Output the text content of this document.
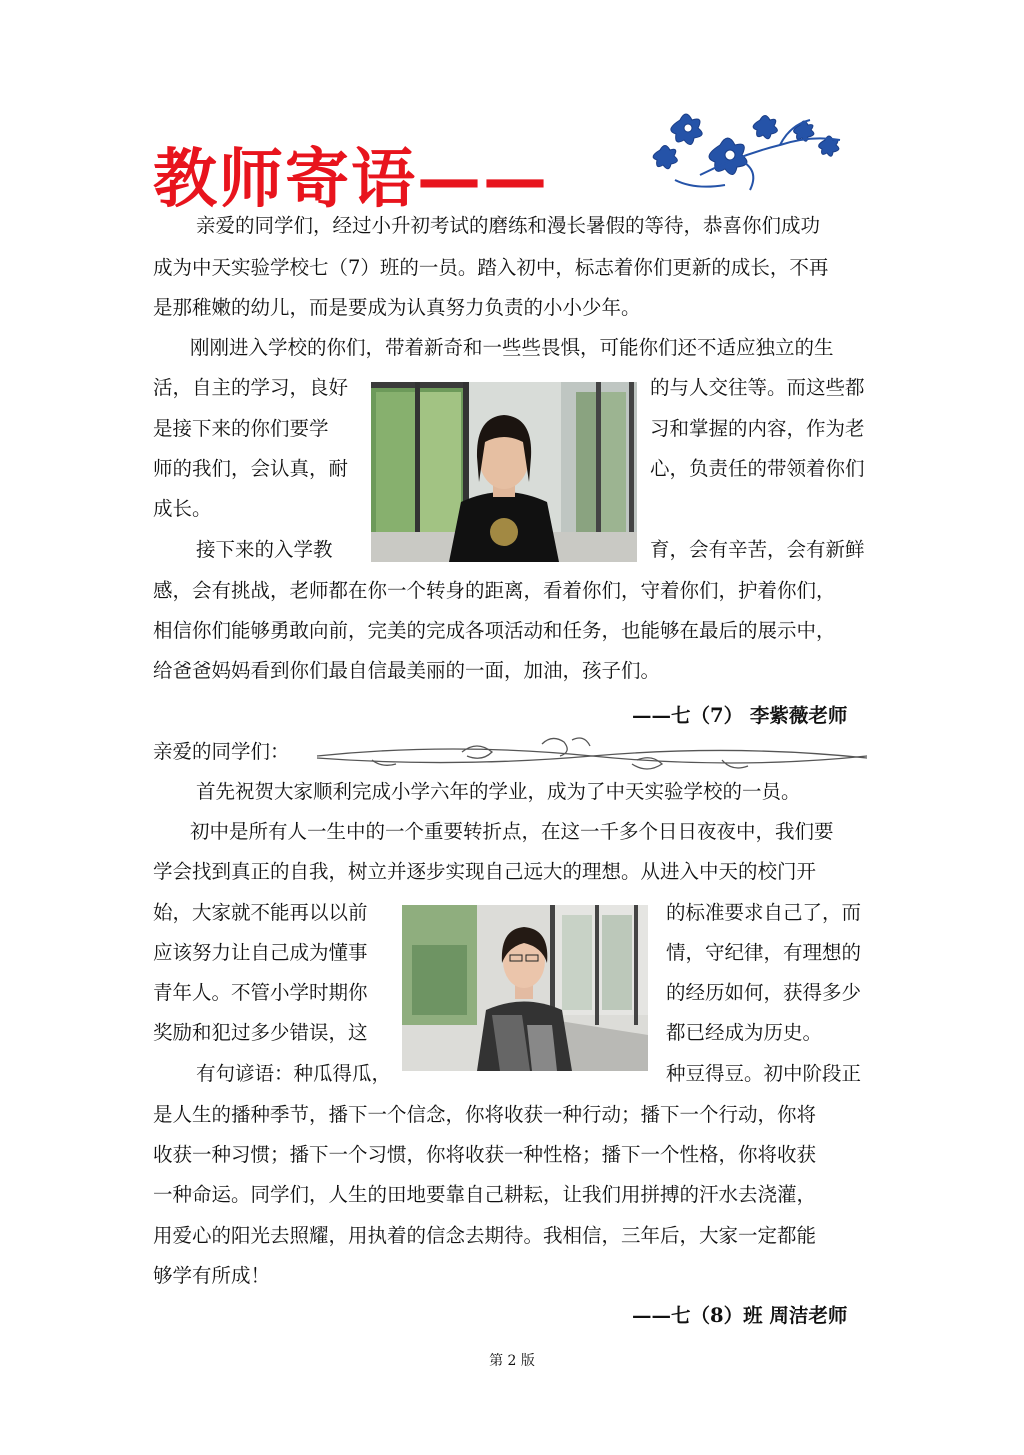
教师寄语——
亲爱的同学们，经过小升初考试的磨练和漫长暑假的等待，恭喜你们成功
成为中天实验学校七（7）班的一员。踏入初中，标志着你们更新的成长，不再
是那稚嫩的幼儿，而是要成为认真努力负责的小小少年。
刚刚进入学校的你们，带着新奇和一些些畏惧，可能你们还不适应独立的生
活，自主的学习，良好	的与人交往等。而这些都
是接下来的你们要学	习和掌握的内容，作为老
师的我们，会认真，耐	心，负责任的带领着你们
成长。
接下来的入学教	育，会有辛苦，会有新鲜
感，会有挑战，老师都在你一个转身的距离，看着你们，守着你们，护着你们，
相信你们能够勇敢向前，完美的完成各项活动和任务，也能够在最后的展示中，
给爸爸妈妈看到你们最自信最美丽的一面，加油，孩子们。
——七（7） 李紫薇老师
亲爱的同学们：
首先祝贺大家顺利完成小学六年的学业，成为了中天实验学校的一员。
初中是所有人一生中的一个重要转折点，在这一千多个日日夜夜中，我们要
学会找到真正的自我，树立并逐步实现自己远大的理想。从进入中天的校门开
始，大家就不能再以以前	的标准要求自己了，而
应该努力让自己成为懂事	情，守纪律，有理想的
青年人。不管小学时期你	的经历如何，获得多少
奖励和犯过多少错误，这	都已经成为历史。
有句谚语：种瓜得瓜，	种豆得豆。初中阶段正
是人生的播种季节，播下一个信念，你将收获一种行动；播下一个行动，你将
收获一种习惯；播下一个习惯，你将收获一种性格；播下一个性格，你将收获
一种命运。同学们，人生的田地要靠自己耕耘，让我们用拼搏的汗水去浇灌，
用爱心的阳光去照耀，用执着的信念去期待。我相信，三年后，大家一定都能
够学有所成！
——七（8）班 周洁老师
第 2 版
